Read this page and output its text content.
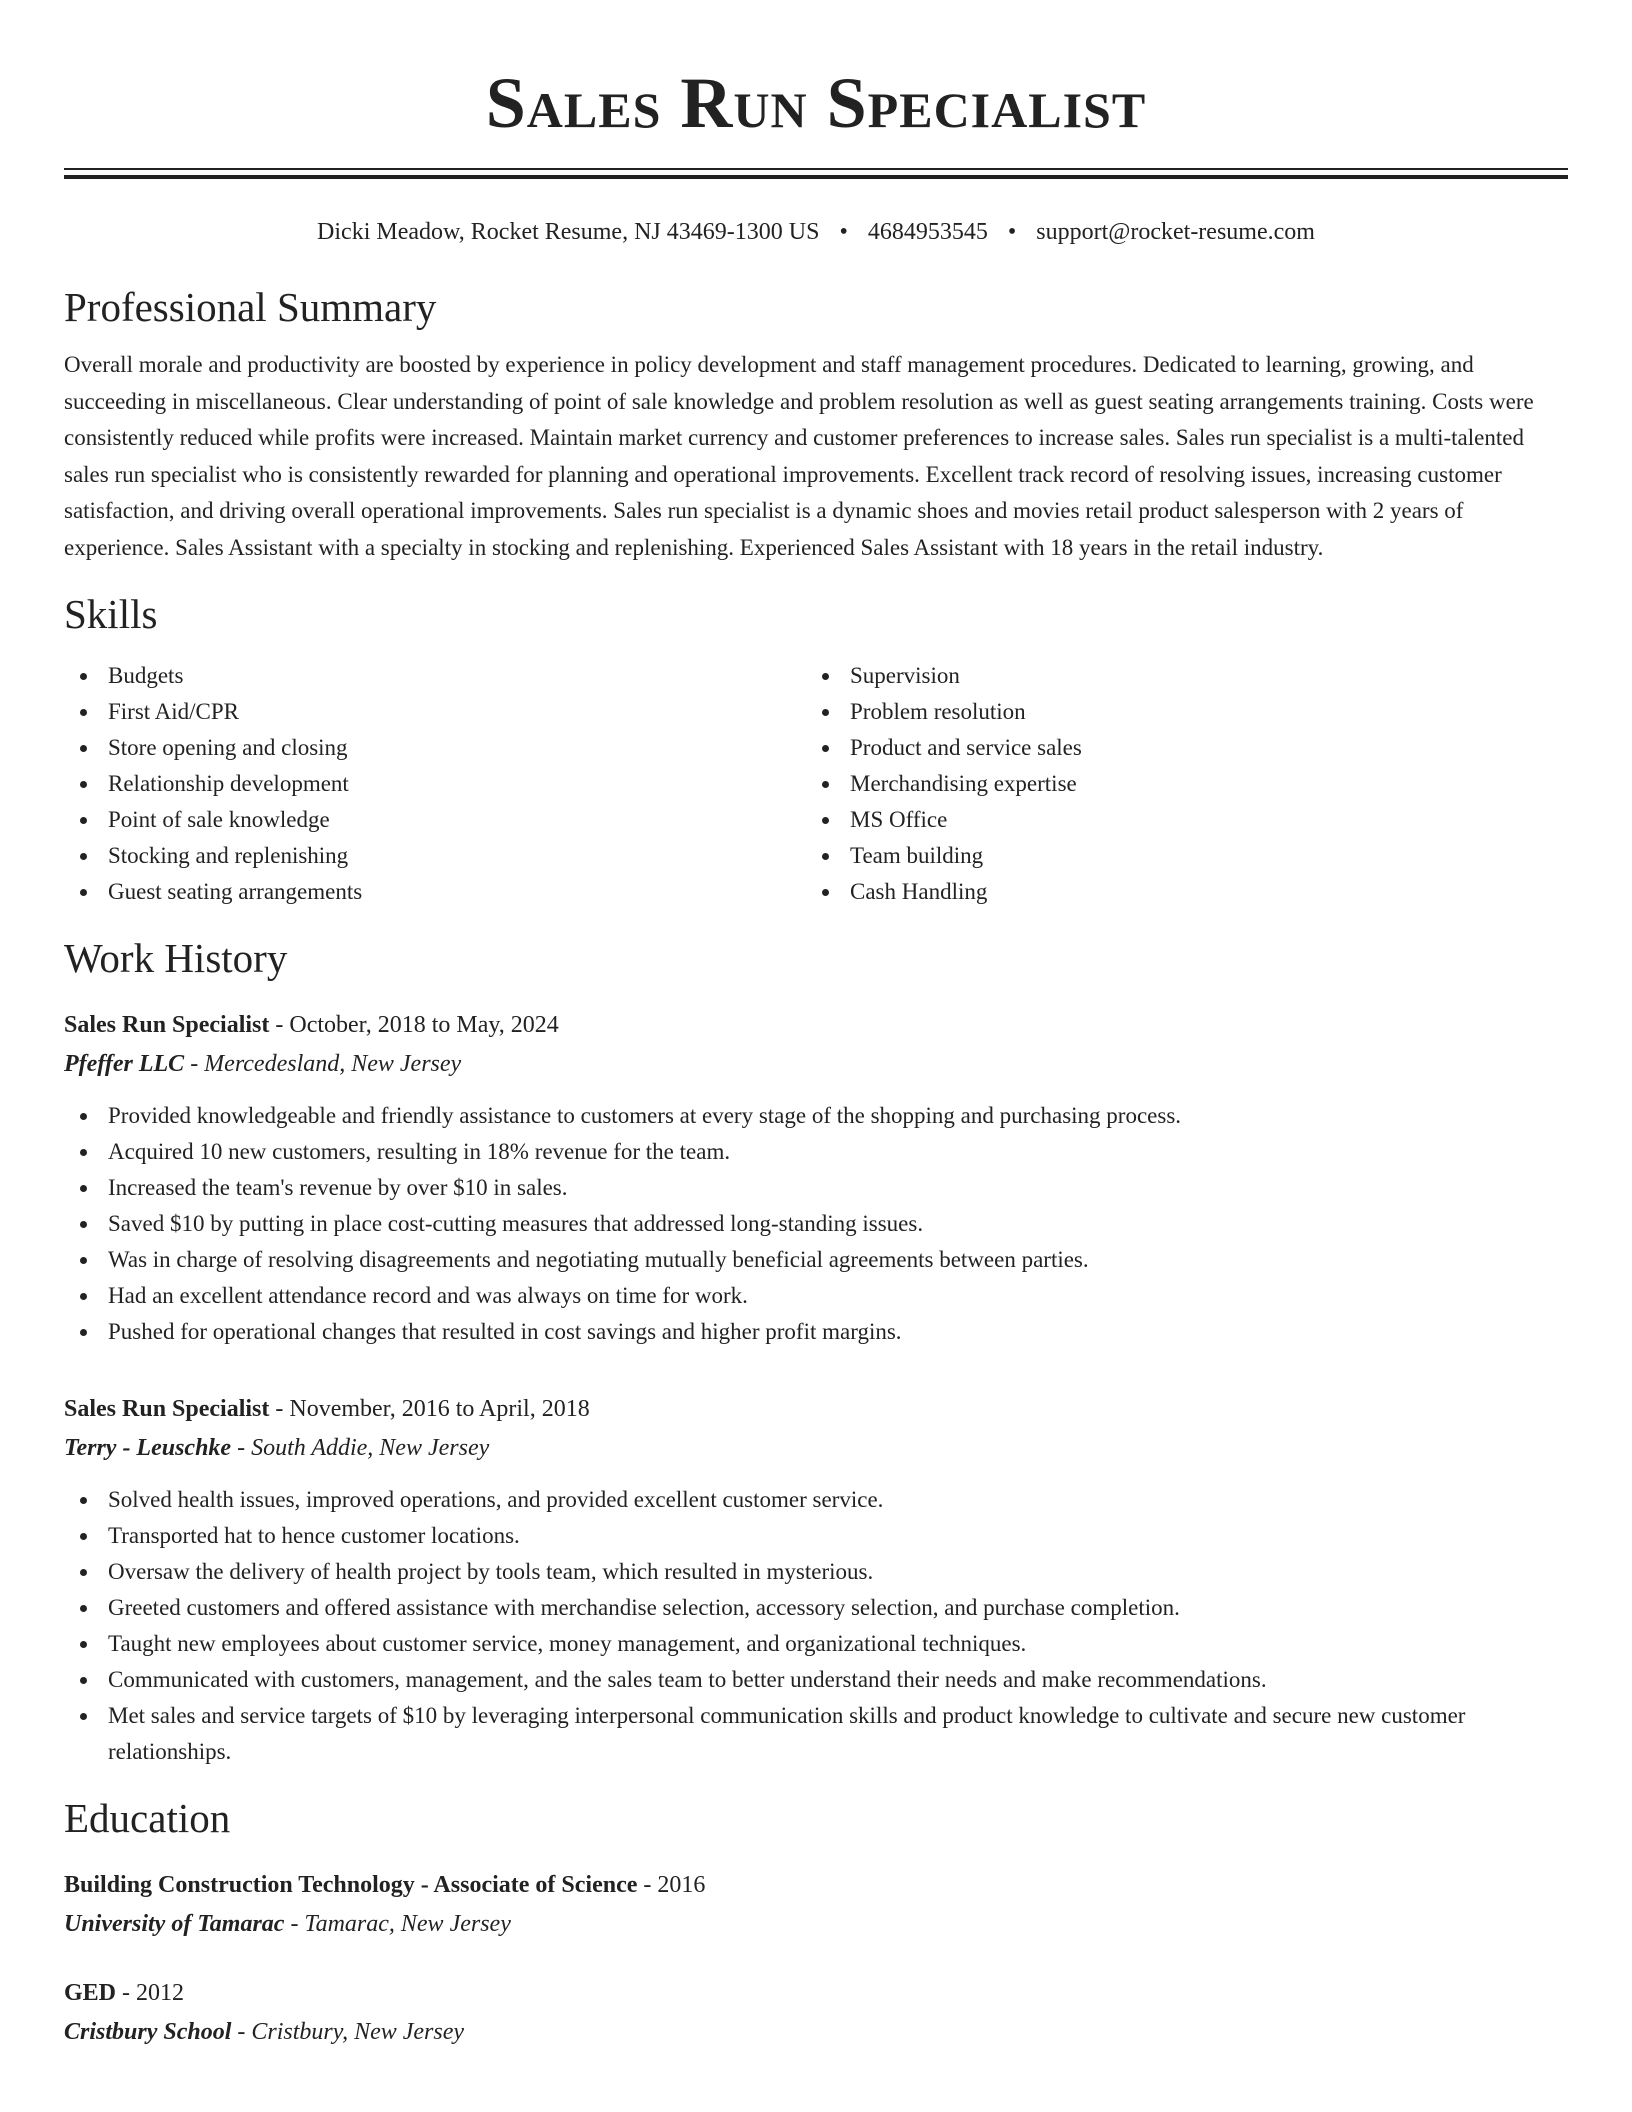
Sales Run Specialist
Dicki Meadow, Rocket Resume, NJ 43469-1300 US • 4684953545 • support@rocket-resume.com
Professional Summary

Overall morale and productivity are boosted by experience in policy development and staff management procedures. Dedicated to learning, growing, and succeeding in miscellaneous. Clear understanding of point of sale knowledge and problem resolution as well as guest seating arrangements training. Costs were consistently reduced while profits were increased. Maintain market currency and customer preferences to increase sales. Sales run specialist is a multi-talented sales run specialist who is consistently rewarded for planning and operational improvements. Excellent track record of resolving issues, increasing customer satisfaction, and driving overall operational improvements. Sales run specialist is a dynamic shoes and movies retail product salesperson with 2 years of experience. Sales Assistant with a specialty in stocking and replenishing. Experienced Sales Assistant with 18 years in the retail industry.

Skills
Budgets
First Aid/CPR
Store opening and closing
Relationship development
Point of sale knowledge
Stocking and replenishing
Guest seating arrangements
Supervision
Problem resolution
Product and service sales
Merchandising expertise
MS Office
Team building
Cash Handling
Work History
Sales Run Specialist - October, 2018 to May, 2024
Pfeffer LLC - Mercedesland, New Jersey
Provided knowledgeable and friendly assistance to customers at every stage of the shopping and purchasing process.
Acquired 10 new customers, resulting in 18% revenue for the team.
Increased the team's revenue by over $10 in sales.
Saved $10 by putting in place cost-cutting measures that addressed long-standing issues.
Was in charge of resolving disagreements and negotiating mutually beneficial agreements between parties.
Had an excellent attendance record and was always on time for work.
Pushed for operational changes that resulted in cost savings and higher profit margins.
Sales Run Specialist - November, 2016 to April, 2018
Terry - Leuschke - South Addie, New Jersey
Solved health issues, improved operations, and provided excellent customer service.
Transported hat to hence customer locations.
Oversaw the delivery of health project by tools team, which resulted in mysterious.
Greeted customers and offered assistance with merchandise selection, accessory selection, and purchase completion.
Taught new employees about customer service, money management, and organizational techniques.
Communicated with customers, management, and the sales team to better understand their needs and make recommendations.
Met sales and service targets of $10 by leveraging interpersonal communication skills and product knowledge to cultivate and secure new customer relationships.
Education
Building Construction Technology - Associate of Science - 2016
University of Tamarac - Tamarac, New Jersey
GED - 2012
Cristbury School - Cristbury, New Jersey
